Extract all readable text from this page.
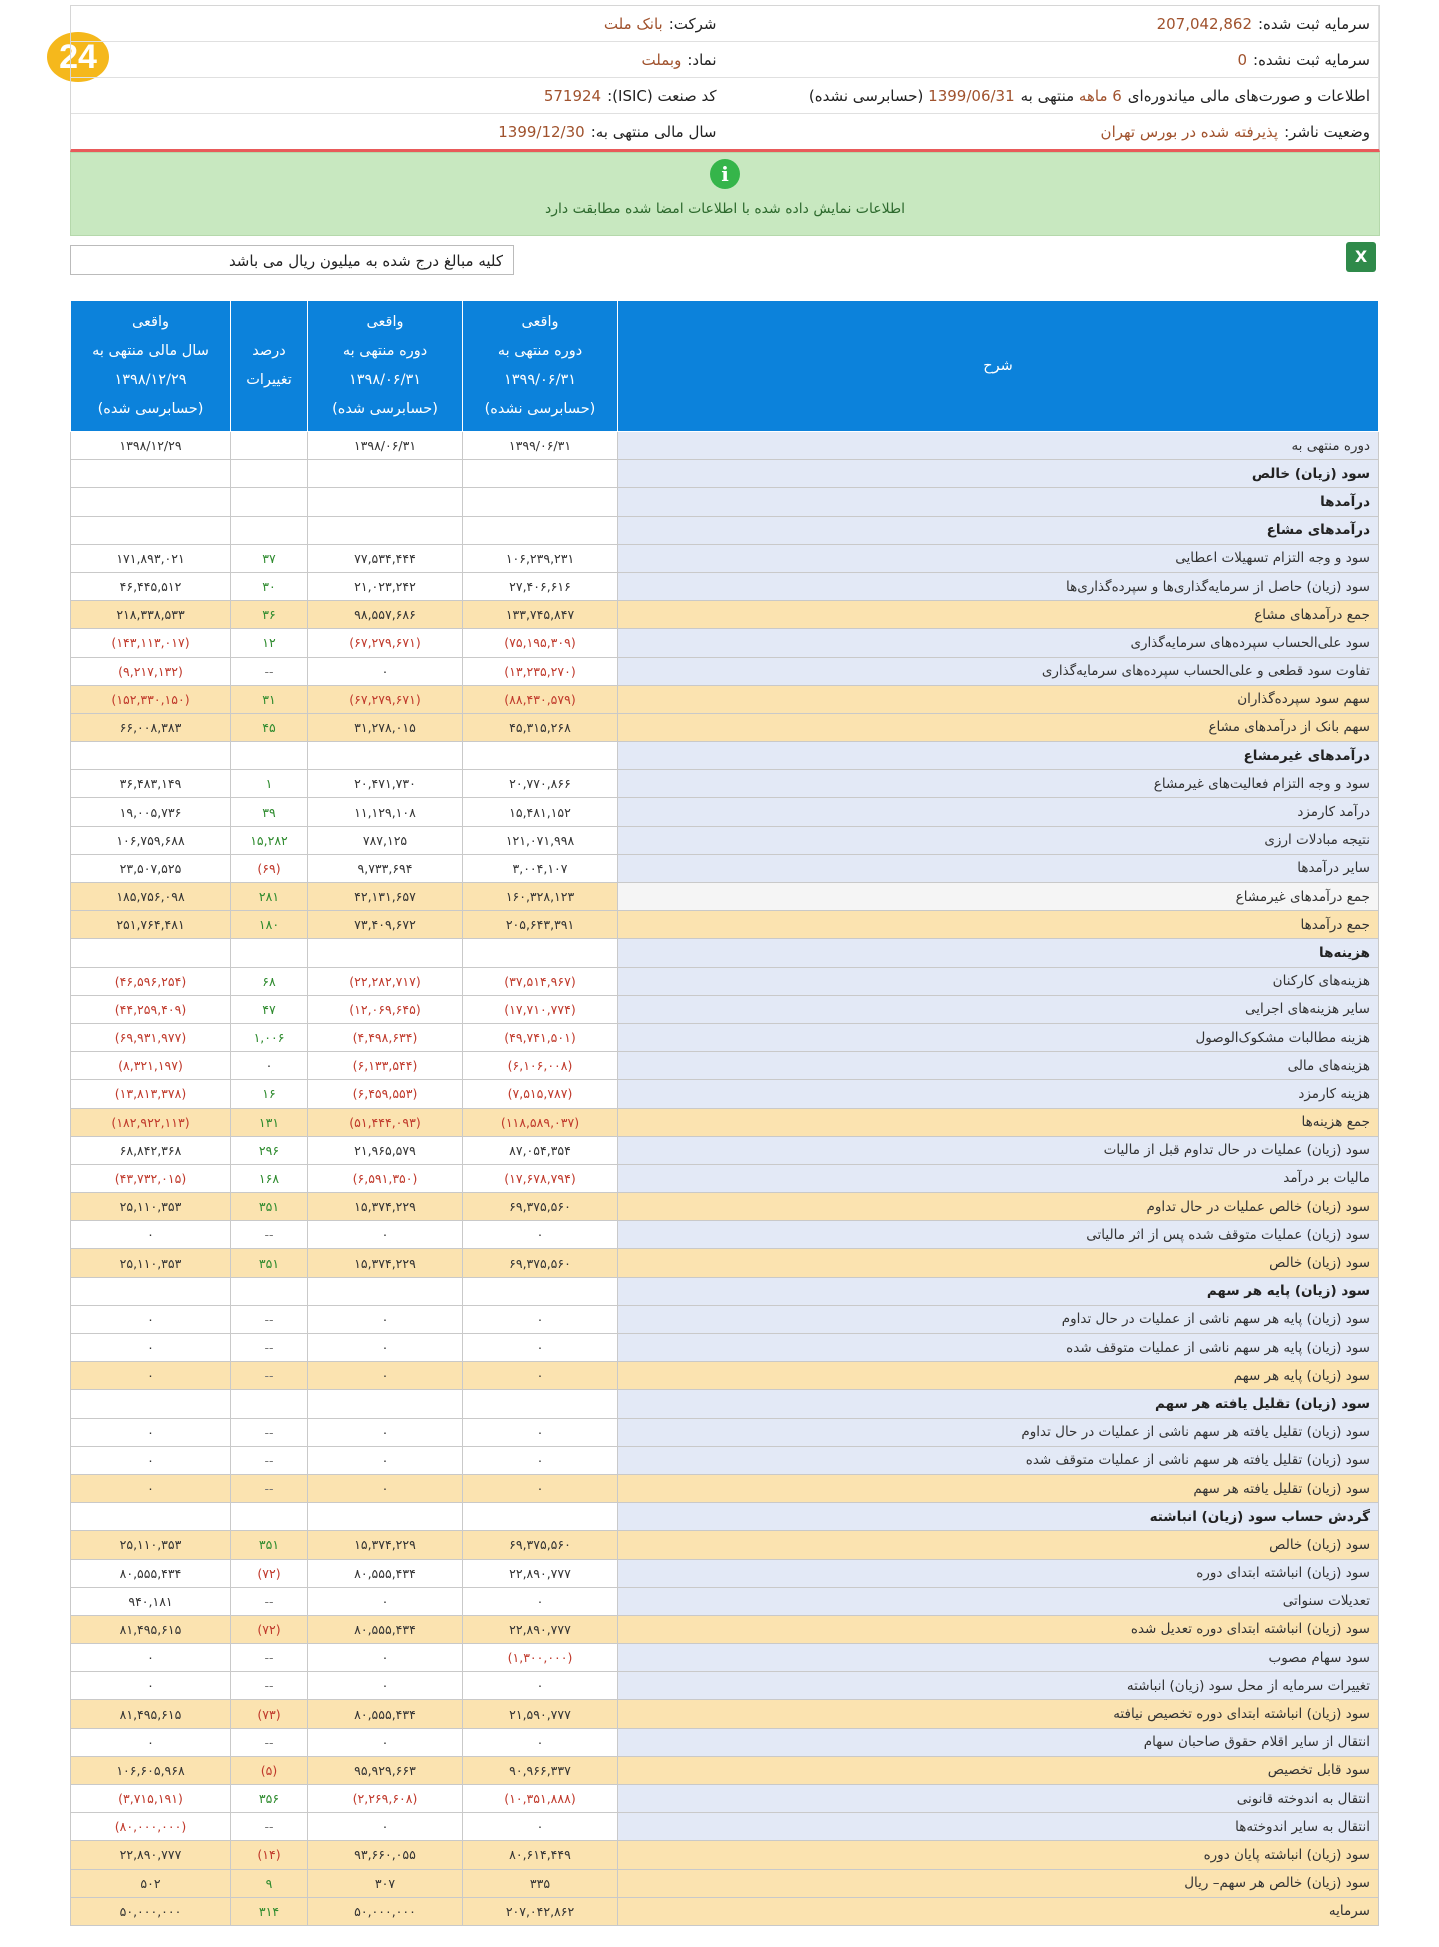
24
شرکت:
بانک ملت	سرمایه ثبت شده:
207,042,862
نماد:
وبملت	سرمایه ثبت نشده:
0
کد صنعت (ISIC):
571924	اطلاعات و صورت‌های مالی میاندوره‌ای
6 ماهه

منتهی به
1399/06/31

(حسابرسی نشده)
سال مالی منتهی به:
1399/12/30	وضعیت ناشر:
پذیرفته شده در بورس تهران
i
اطلاعات نمایش داده شده با اطلاعات امضا شده مطابقت دارد
کلیه مبالغ درج شده به میلیون ریال می باشد	X
شرح	واقعی
دوره منتهی به
۱۳۹۹/۰۶/۳۱
(حسابرسی نشده)	واقعی
دوره منتهی به
۱۳۹۸/۰۶/۳۱
(حسابرسی شده)	درصد
تغییرات	واقعی
سال مالی منتهی به
۱۳۹۸/۱۲/۲۹
(حسابرسی شده)
دوره منتهی به	۱۳۹۹/۰۶/۳۱	۱۳۹۸/۰۶/۳۱		۱۳۹۸/۱۲/۲۹
سود (زیان) خالص				
درآمدها				
درآمدهای مشاع				
سود و وجه التزام تسهیلات اعطایی	۱۰۶,۲۳۹,۲۳۱	۷۷,۵۳۴,۴۴۴	۳۷	۱۷۱,۸۹۳,۰۲۱
سود (زیان) حاصل از سرمایه‌گذاری‌ها و سپرده‌گذاری‌ها	۲۷,۴۰۶,۶۱۶	۲۱,۰۲۳,۲۴۲	۳۰	۴۶,۴۴۵,۵۱۲
جمع درآمدهای مشاع	۱۳۳,۷۴۵,۸۴۷	۹۸,۵۵۷,۶۸۶	۳۶	۲۱۸,۳۳۸,۵۳۳
سود علی‌الحساب سپرده‌های سرمایه‌گذاری	(۷۵,۱۹۵,۳۰۹)	(۶۷,۲۷۹,۶۷۱)	۱۲	(۱۴۳,۱۱۳,۰۱۷)
تفاوت سود قطعی و علی‌الحساب سپرده‌های سرمایه‌گذاری	(۱۳,۲۳۵,۲۷۰)	۰	--	(۹,۲۱۷,۱۳۲)
سهم سود سپرده‌گذاران	(۸۸,۴۳۰,۵۷۹)	(۶۷,۲۷۹,۶۷۱)	۳۱	(۱۵۲,۳۳۰,۱۵۰)
سهم بانک از درآمدهای مشاع	۴۵,۳۱۵,۲۶۸	۳۱,۲۷۸,۰۱۵	۴۵	۶۶,۰۰۸,۳۸۳
درآمدهای غیرمشاع				
سود و وجه التزام فعالیت‌های غیرمشاع	۲۰,۷۷۰,۸۶۶	۲۰,۴۷۱,۷۳۰	۱	۳۶,۴۸۳,۱۴۹
درآمد کارمزد	۱۵,۴۸۱,۱۵۲	۱۱,۱۲۹,۱۰۸	۳۹	۱۹,۰۰۵,۷۳۶
نتیجه مبادلات ارزی	۱۲۱,۰۷۱,۹۹۸	۷۸۷,۱۲۵	۱۵,۲۸۲	۱۰۶,۷۵۹,۶۸۸
سایر درآمدها	۳,۰۰۴,۱۰۷	۹,۷۳۳,۶۹۴	(۶۹)	۲۳,۵۰۷,۵۲۵
جمع درآمدهای غیرمشاع	۱۶۰,۳۲۸,۱۲۳	۴۲,۱۳۱,۶۵۷	۲۸۱	۱۸۵,۷۵۶,۰۹۸
جمع درآمدها	۲۰۵,۶۴۳,۳۹۱	۷۳,۴۰۹,۶۷۲	۱۸۰	۲۵۱,۷۶۴,۴۸۱
هزینه‌ها				
هزینه‌های کارکنان	(۳۷,۵۱۴,۹۶۷)	(۲۲,۲۸۲,۷۱۷)	۶۸	(۴۶,۵۹۶,۲۵۴)
سایر هزینه‌های اجرایی	(۱۷,۷۱۰,۷۷۴)	(۱۲,۰۶۹,۶۴۵)	۴۷	(۴۴,۲۵۹,۴۰۹)
هزینه مطالبات مشکوک‌الوصول	(۴۹,۷۴۱,۵۰۱)	(۴,۴۹۸,۶۳۴)	۱,۰۰۶	(۶۹,۹۳۱,۹۷۷)
هزینه‌های مالی	(۶,۱۰۶,۰۰۸)	(۶,۱۳۳,۵۴۴)	۰	(۸,۳۲۱,۱۹۷)
هزینه کارمزد	(۷,۵۱۵,۷۸۷)	(۶,۴۵۹,۵۵۳)	۱۶	(۱۳,۸۱۳,۳۷۸)
جمع هزینه‌ها	(۱۱۸,۵۸۹,۰۳۷)	(۵۱,۴۴۴,۰۹۳)	۱۳۱	(۱۸۲,۹۲۲,۱۱۳)
سود (زیان) عملیات در حال تداوم قبل از مالیات	۸۷,۰۵۴,۳۵۴	۲۱,۹۶۵,۵۷۹	۲۹۶	۶۸,۸۴۲,۳۶۸
مالیات بر درآمد	(۱۷,۶۷۸,۷۹۴)	(۶,۵۹۱,۳۵۰)	۱۶۸	(۴۳,۷۳۲,۰۱۵)
سود (زیان) خالص عملیات در حال تداوم	۶۹,۳۷۵,۵۶۰	۱۵,۳۷۴,۲۲۹	۳۵۱	۲۵,۱۱۰,۳۵۳
سود (زیان) عملیات متوقف شده پس از اثر مالیاتی	۰	۰	--	۰
سود (زیان) خالص	۶۹,۳۷۵,۵۶۰	۱۵,۳۷۴,۲۲۹	۳۵۱	۲۵,۱۱۰,۳۵۳
سود (زیان) پایه هر سهم				
سود (زیان) پایه هر سهم ناشی از عملیات در حال تداوم	۰	۰	--	۰
سود (زیان) پایه هر سهم ناشی از عملیات متوقف شده	۰	۰	--	۰
سود (زیان) پایه هر سهم	۰	۰	--	۰
سود (زیان) تقلیل یافته هر سهم				
سود (زیان) تقلیل یافته هر سهم ناشی از عملیات در حال تداوم	۰	۰	--	۰
سود (زیان) تقلیل یافته هر سهم ناشی از عملیات متوقف شده	۰	۰	--	۰
سود (زیان) تقلیل یافته هر سهم	۰	۰	--	۰
گردش حساب سود (زیان) انباشته				
سود (زیان) خالص	۶۹,۳۷۵,۵۶۰	۱۵,۳۷۴,۲۲۹	۳۵۱	۲۵,۱۱۰,۳۵۳
سود (زیان) انباشته ابتدای دوره	۲۲,۸۹۰,۷۷۷	۸۰,۵۵۵,۴۳۴	(۷۲)	۸۰,۵۵۵,۴۳۴
تعدیلات سنواتی	۰	۰	--	۹۴۰,۱۸۱
سود (زیان) انباشته ابتدای دوره تعدیل شده	۲۲,۸۹۰,۷۷۷	۸۰,۵۵۵,۴۳۴	(۷۲)	۸۱,۴۹۵,۶۱۵
سود سهام مصوب	(۱,۳۰۰,۰۰۰)	۰	--	۰
تغییرات سرمایه از محل سود (زیان) انباشته	۰	۰	--	۰
سود (زیان) انباشته ابتدای دوره تخصیص نیافته	۲۱,۵۹۰,۷۷۷	۸۰,۵۵۵,۴۳۴	(۷۳)	۸۱,۴۹۵,۶۱۵
انتقال از سایر اقلام حقوق صاحبان سهام	۰	۰	--	۰
سود قابل تخصیص	۹۰,۹۶۶,۳۳۷	۹۵,۹۲۹,۶۶۳	(۵)	۱۰۶,۶۰۵,۹۶۸
انتقال به اندوخته قانونی	(۱۰,۳۵۱,۸۸۸)	(۲,۲۶۹,۶۰۸)	۳۵۶	(۳,۷۱۵,۱۹۱)
انتقال به سایر اندوخته‌ها	۰	۰	--	(۸۰,۰۰۰,۰۰۰)
سود (زیان) انباشته پایان دوره	۸۰,۶۱۴,۴۴۹	۹۳,۶۶۰,۰۵۵	(۱۴)	۲۲,۸۹۰,۷۷۷
سود (زیان) خالص هر سهم– ریال	۳۳۵	۳۰۷	۹	۵۰۲
سرمایه	۲۰۷,۰۴۲,۸۶۲	۵۰,۰۰۰,۰۰۰	۳۱۴	۵۰,۰۰۰,۰۰۰
